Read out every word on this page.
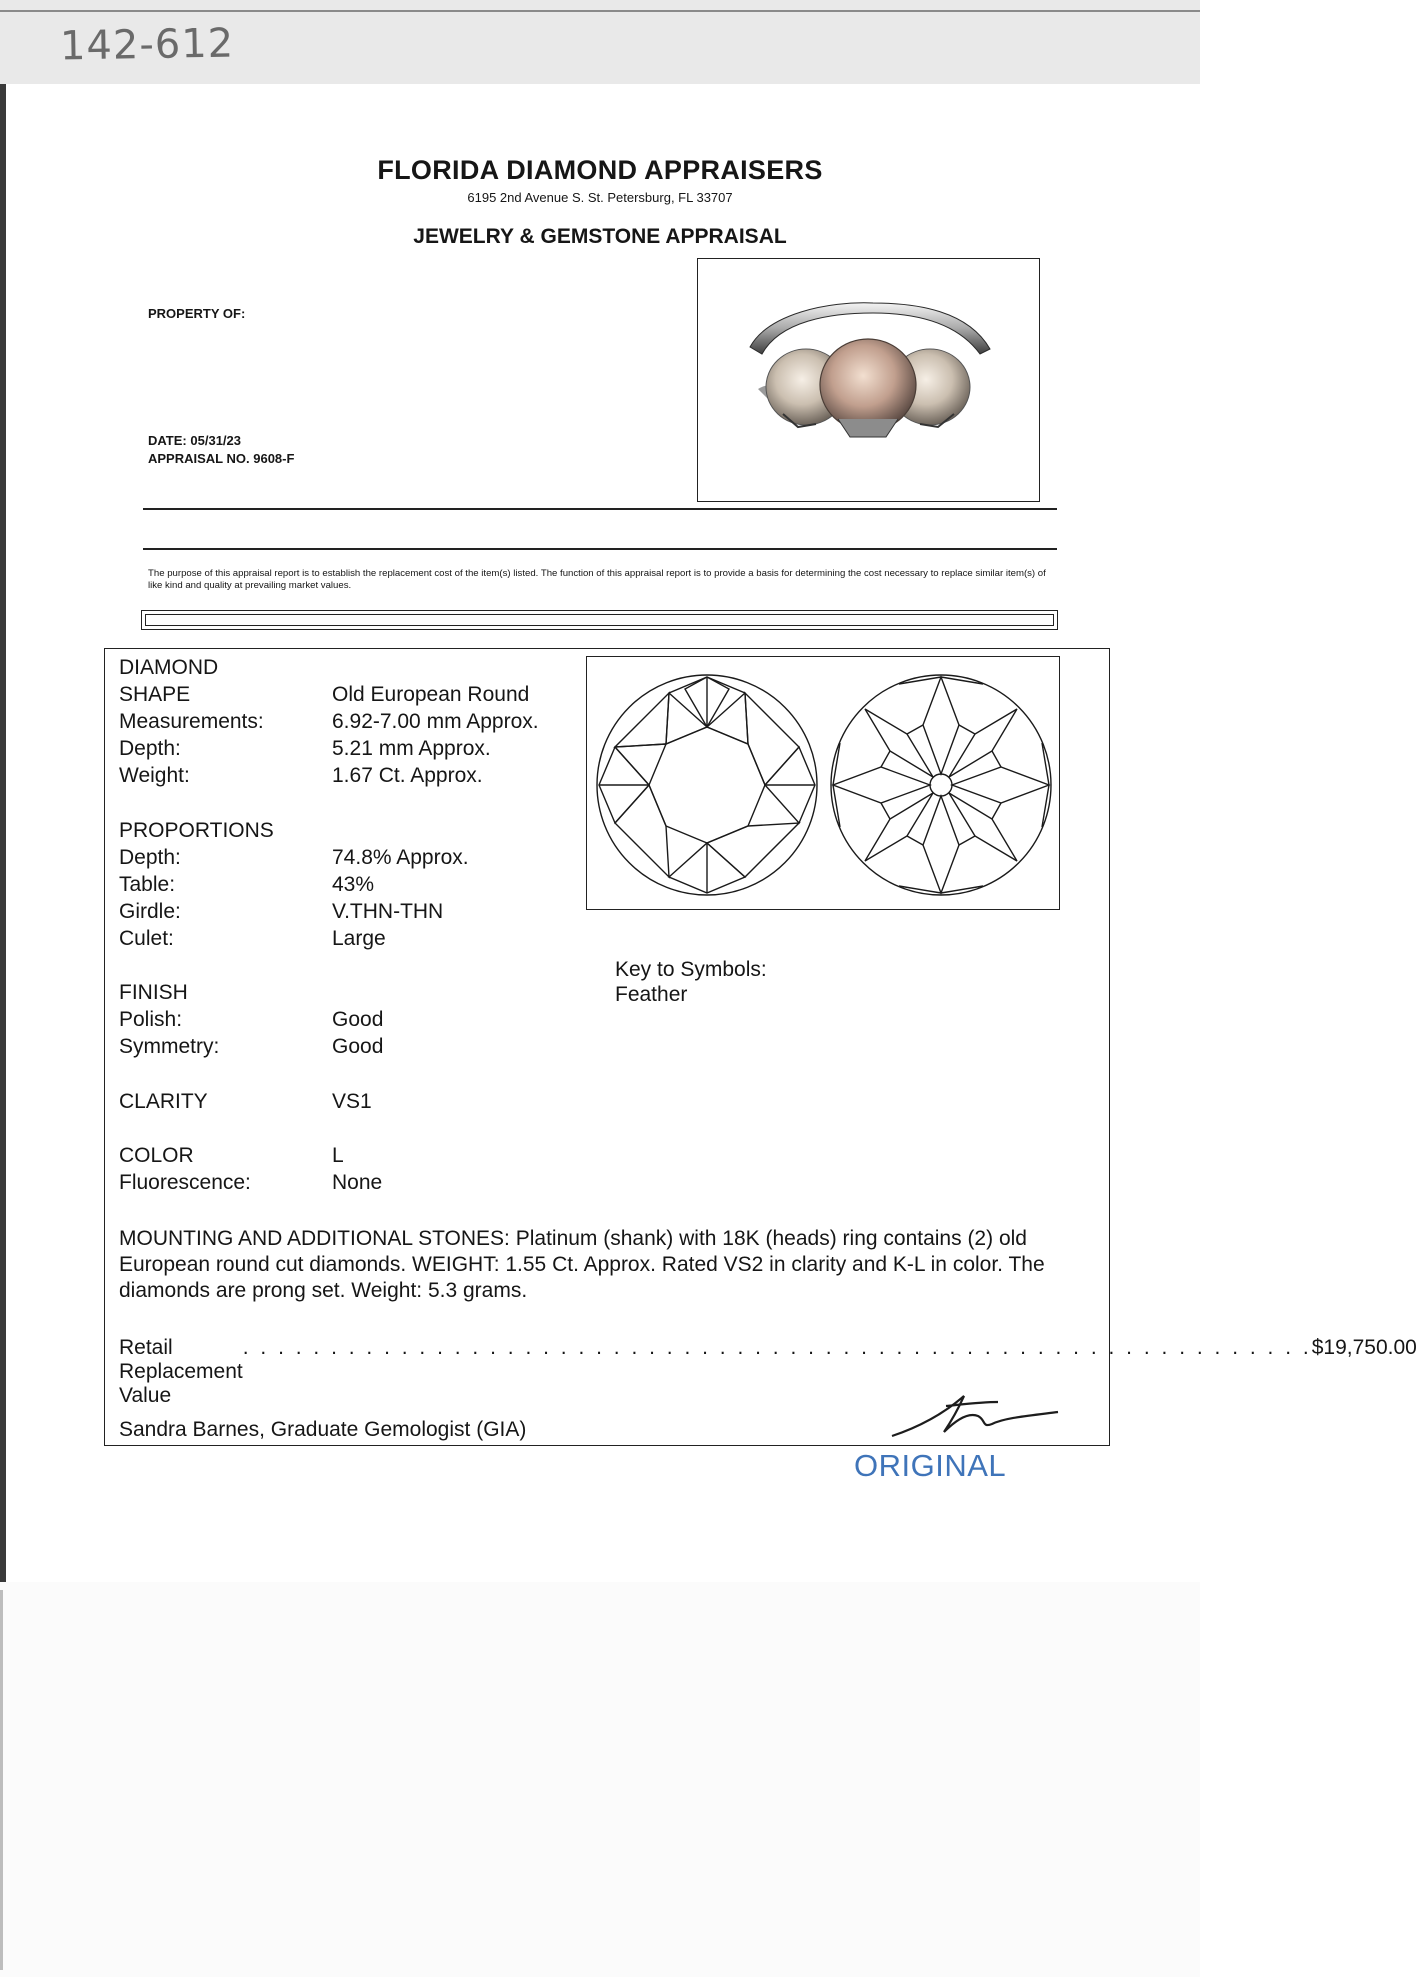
142-612
FLORIDA DIAMOND APPRAISERS
6195 2nd Avenue S. St. Petersburg, FL 33707
JEWELRY & GEMSTONE APPRAISAL
PROPERTY OF:
DATE: 05/31/23
APPRAISAL NO. 9608-F
The purpose of this appraisal report is to establish the replacement cost of the item(s) listed. The function of this appraisal report is to provide a basis for determining the cost necessary to replace similar item(s) of like kind and quality at prevailing market values.
DIAMOND
SHAPE	Old European Round
Measurements:	6.92-7.00 mm Approx.
Depth:	5.21 mm Approx.
Weight:	1.67 Ct. Approx.
PROPORTIONS
Depth:	74.8% Approx.
Table:	43%
Girdle:	V.THN-THN
Culet:	Large
FINISH
Polish:	Good
Symmetry:	Good
CLARITY	VS1
COLOR	L
Fluorescence:	None
Key to Symbols:
Feather
MOUNTING AND ADDITIONAL STONES: Platinum (shank) with 18K (heads) ring contains (2) old European round cut diamonds. WEIGHT: 1.55 Ct. Approx. Rated VS2 in clarity and K-L in color. The diamonds are prong set. Weight: 5.3 grams.
Retail Replacement Value
. . . . . . . . . . . . . . . . . . . . . . . . . . . . . . . . . . . . . . . . . . . . . . . . . . . . . . . . . . . . . $19,750.00
Sandra Barnes, Graduate Gemologist (GIA)
ORIGINAL
